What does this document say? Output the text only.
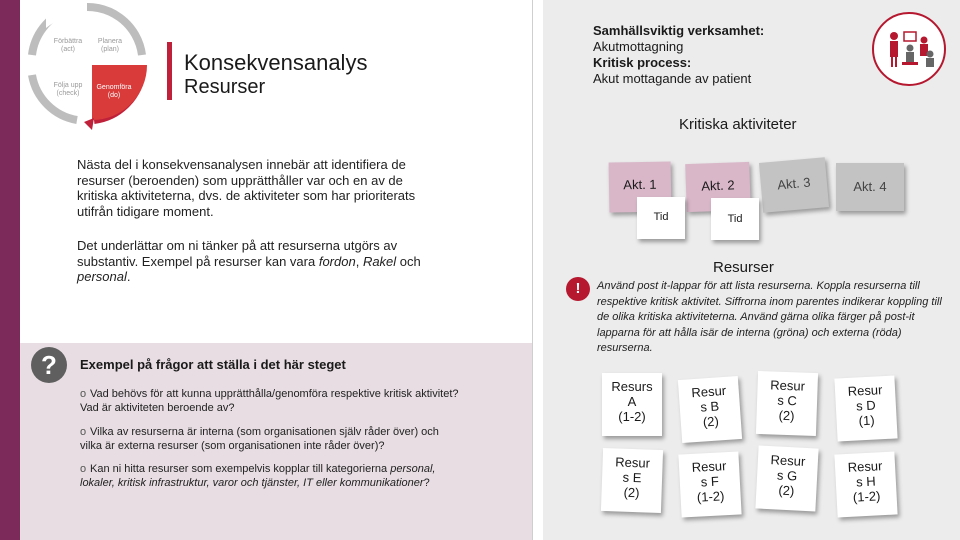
Förbättra (act)
Planera (plan)
Följa upp (check)
Genomföra (do)
Konsekvensanalys
Resurser
Nästa del i konsekvensanalysen innebär att identifiera de resurser (beroenden) som upprätthåller var och en av de kritiska aktiviteterna, dvs. de aktiviteter som har prioriterats utifrån tidigare moment.
Det underlättar om ni tänker på att resurserna utgörs av substantiv. Exempel på resurser kan vara fordon, Rakel och personal.
?	Exempel på frågor att ställa i det här steget
o Vad behövs för att kunna upprätthålla/genomföra respektive kritisk aktivitet? Vad är aktiviteten beroende av?
o Vilka av resurserna är interna (som organisationen själv råder över) och vilka är externa resurser (som organisationen inte råder över)?
o Kan ni hitta resurser som exempelvis kopplar till kategorierna personal, lokaler, kritisk infrastruktur, varor och tjänster, IT eller kommunikationer?
Samhällsviktig verksamhet:
Akutmottagning
Kritisk process:
Akut mottagande av patient
Kritiska aktiviteter
Akt. 1	Akt. 2	Akt. 3	Akt. 4
Tid	Tid
Resurser
!	Använd post it-lappar för att lista resurserna. Koppla resurserna till respektive kritisk aktivitet. Siffrorna inom parentes indikerar koppling till de olika kritiska aktiviteterna. Använd gärna olika färger på post-it lapparna för att hålla isär de interna (gröna) och externa (röda) resurserna.
Resurs
A
(1-2)
Resur
s B
(2)
Resur
s C
(2)
Resur
s D
(1)
Resur
s E
(2)
Resur
s F
(1-2)
Resur
s G
(2)
Resur
s H
(1-2)
